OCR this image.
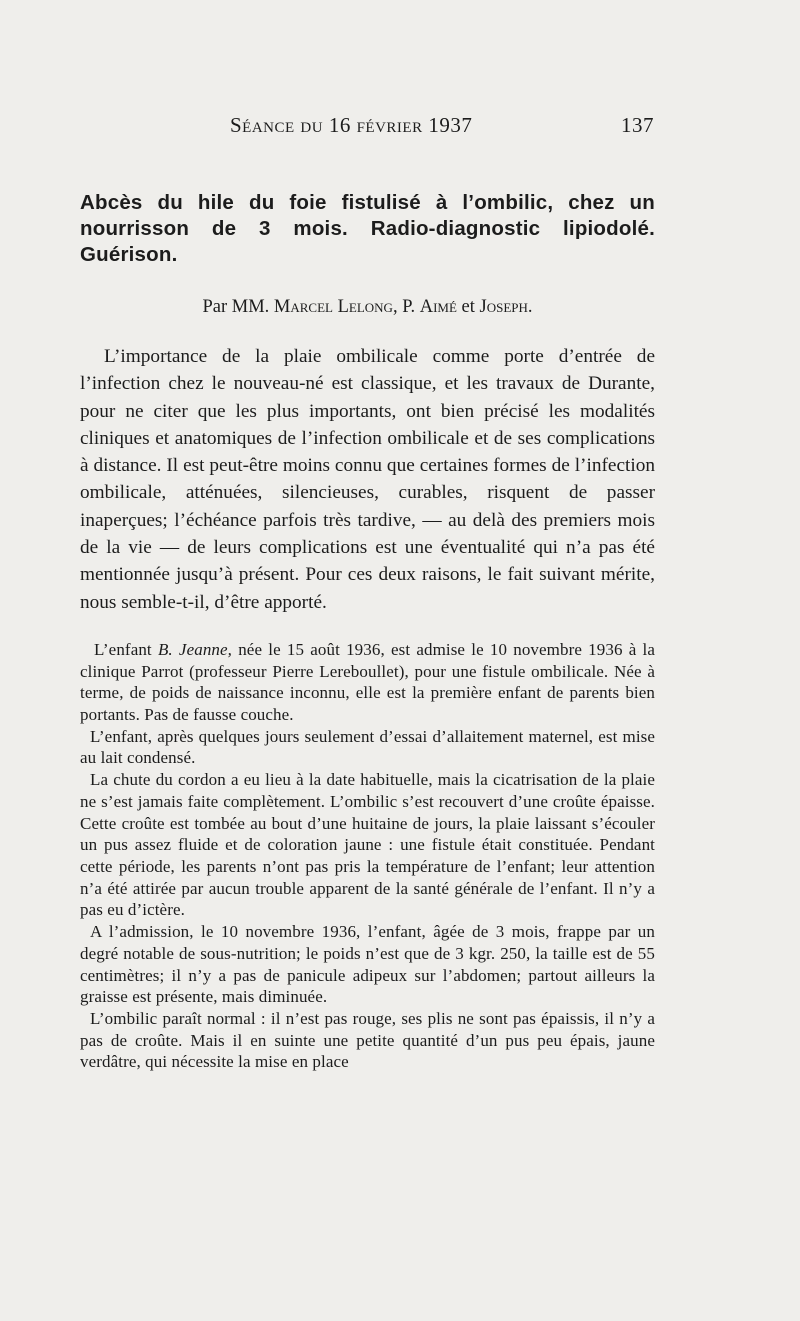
Séance du 16 février 1937	137
Abcès du hile du foie fistulisé à l’ombilic, chez un nourrisson de 3 mois. Radio-diagnostic lipiodolé. Guérison.

Par MM. Marcel Lelong, P. Aimé et Joseph.

L’importance de la plaie ombilicale comme porte d’entrée de l’infection chez le nouveau-né est classique, et les travaux de Durante, pour ne citer que les plus importants, ont bien précisé les modalités cliniques et anatomiques de l’infection ombilicale et de ses complications à distance. Il est peut-être moins connu que certaines formes de l’infection ombilicale, atténuées, silencieuses, curables, risquent de passer inaperçues; l’échéance parfois très tardive, — au delà des premiers mois de la vie — de leurs complications est une éventualité qui n’a pas été mentionnée jusqu’à présent. Pour ces deux raisons, le fait suivant mérite, nous semble-t-il, d’être apporté.

L’enfant B. Jeanne, née le 15 août 1936, est admise le 10 novembre 1936 à la clinique Parrot (professeur Pierre Lereboullet), pour une fistule ombilicale. Née à terme, de poids de naissance inconnu, elle est la première enfant de parents bien portants. Pas de fausse couche.

L’enfant, après quelques jours seulement d’essai d’allaitement maternel, est mise au lait condensé.

La chute du cordon a eu lieu à la date habituelle, mais la cicatrisation de la plaie ne s’est jamais faite complètement. L’ombilic s’est recouvert d’une croûte épaisse. Cette croûte est tombée au bout d’une huitaine de jours, la plaie laissant s’écouler un pus assez fluide et de coloration jaune : une fistule était constituée. Pendant cette période, les parents n’ont pas pris la température de l’enfant; leur attention n’a été attirée par aucun trouble apparent de la santé générale de l’enfant. Il n’y a pas eu d’ictère.

A l’admission, le 10 novembre 1936, l’enfant, âgée de 3 mois, frappe par un degré notable de sous-nutrition; le poids n’est que de 3 kgr. 250, la taille est de 55 centimètres; il n’y a pas de panicule adipeux sur l’abdomen; partout ailleurs la graisse est présente, mais diminuée.

L’ombilic paraît normal : il n’est pas rouge, ses plis ne sont pas épaissis, il n’y a pas de croûte. Mais il en suinte une petite quantité d’un pus peu épais, jaune verdâtre, qui nécessite la mise en place
